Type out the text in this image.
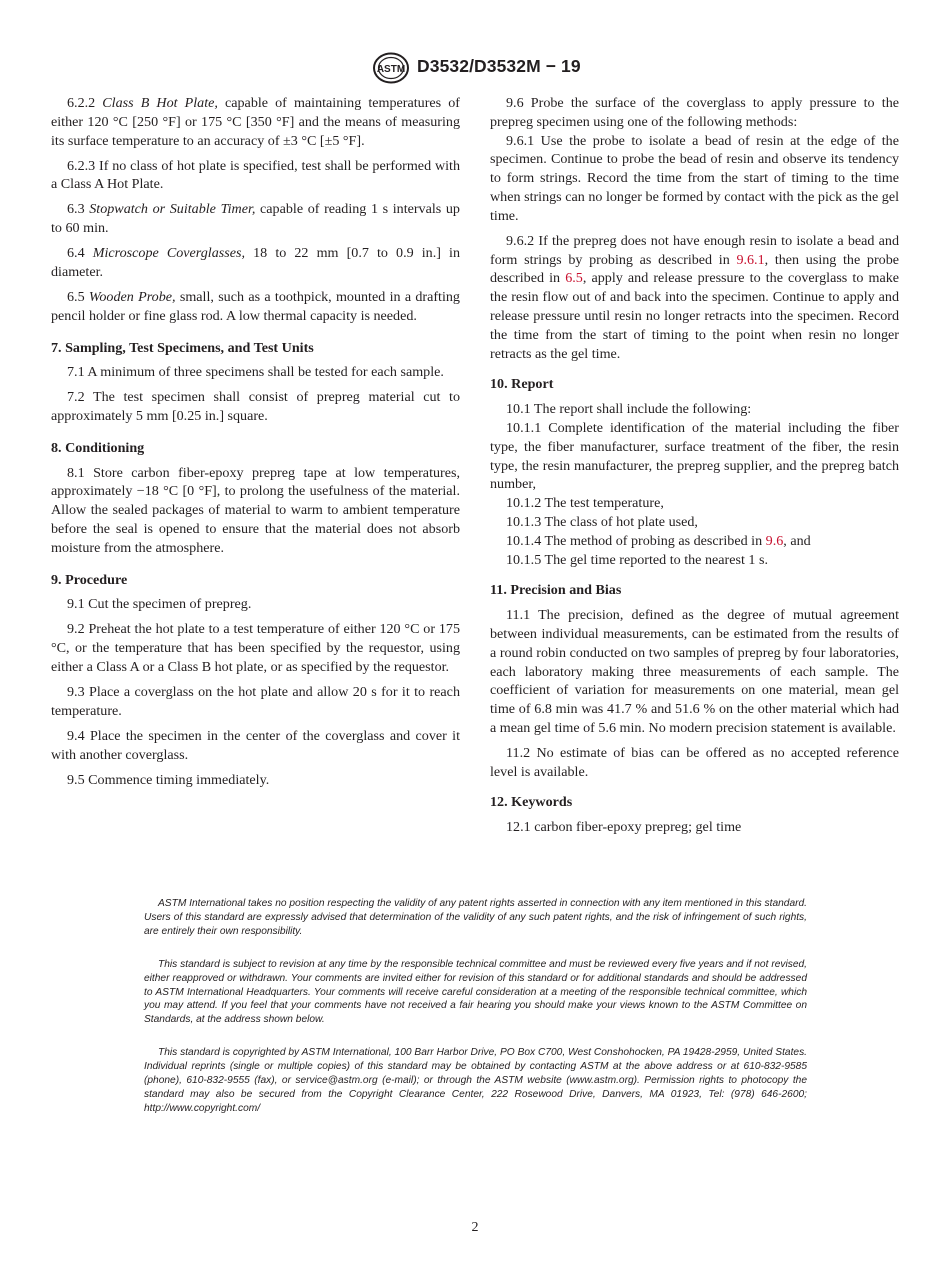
ASTM D3532/D3532M − 19

6.2.2 Class B Hot Plate, capable of maintaining temperatures of either 120 °C [250 °F] or 175 °C [350 °F] and the means of measuring its surface temperature to an accuracy of ±3 °C [±5 °F].

6.2.3 If no class of hot plate is specified, test shall be performed with a Class A Hot Plate.

6.3 Stopwatch or Suitable Timer, capable of reading 1 s intervals up to 60 min.

6.4 Microscope Coverglasses, 18 to 22 mm [0.7 to 0.9 in.] in diameter.

6.5 Wooden Probe, small, such as a toothpick, mounted in a drafting pencil holder or fine glass rod. A low thermal capacity is needed.

7. Sampling, Test Specimens, and Test Units

7.1 A minimum of three specimens shall be tested for each sample.

7.2 The test specimen shall consist of prepreg material cut to approximately 5 mm [0.25 in.] square.

8. Conditioning

8.1 Store carbon fiber-epoxy prepreg tape at low temperatures, approximately −18 °C [0 °F], to prolong the usefulness of the material. Allow the sealed packages of material to warm to ambient temperature before the seal is opened to ensure that the material does not absorb moisture from the atmosphere.

9. Procedure

9.1 Cut the specimen of prepreg.

9.2 Preheat the hot plate to a test temperature of either 120 °C or 175 °C, or the temperature that has been specified by the requestor, using either a Class A or a Class B hot plate, or as specified by the requestor.

9.3 Place a coverglass on the hot plate and allow 20 s for it to reach temperature.

9.4 Place the specimen in the center of the coverglass and cover it with another coverglass.

9.5 Commence timing immediately.

9.6 Probe the surface of the coverglass to apply pressure to the prepreg specimen using one of the following methods:

9.6.1 Use the probe to isolate a bead of resin at the edge of the specimen. Continue to probe the bead of resin and observe its tendency to form strings. Record the time from the start of timing to the time when strings can no longer be formed by contact with the pick as the gel time.

9.6.2 If the prepreg does not have enough resin to isolate a bead and form strings by probing as described in 9.6.1, then using the probe described in 6.5, apply and release pressure to the coverglass to make the resin flow out of and back into the specimen. Continue to apply and release pressure until resin no longer retracts into the specimen. Record the time from the start of timing to the point when resin no longer retracts as the gel time.

10. Report

10.1 The report shall include the following:

10.1.1 Complete identification of the material including the fiber type, the fiber manufacturer, surface treatment of the fiber, the resin type, the resin manufacturer, the prepreg supplier, and the prepreg batch number,

10.1.2 The test temperature,

10.1.3 The class of hot plate used,

10.1.4 The method of probing as described in 9.6, and

10.1.5 The gel time reported to the nearest 1 s.

11. Precision and Bias

11.1 The precision, defined as the degree of mutual agreement between individual measurements, can be estimated from the results of a round robin conducted on two samples of prepreg by four laboratories, each laboratory making three measurements of each sample. The coefficient of variation for measurements on one material, mean gel time of 6.8 min was 41.7 % and 51.6 % on the other material which had a mean gel time of 5.6 min. No modern precision statement is available.

11.2 No estimate of bias can be offered as no accepted reference level is available.

12. Keywords

12.1 carbon fiber-epoxy prepreg; gel time

ASTM International takes no position respecting the validity of any patent rights asserted in connection with any item mentioned in this standard. Users of this standard are expressly advised that determination of the validity of any such patent rights, and the risk of infringement of such rights, are entirely their own responsibility.

This standard is subject to revision at any time by the responsible technical committee and must be reviewed every five years and if not revised, either reapproved or withdrawn. Your comments are invited either for revision of this standard or for additional standards and should be addressed to ASTM International Headquarters. Your comments will receive careful consideration at a meeting of the responsible technical committee, which you may attend. If you feel that your comments have not received a fair hearing you should make your views known to the ASTM Committee on Standards, at the address shown below.

This standard is copyrighted by ASTM International, 100 Barr Harbor Drive, PO Box C700, West Conshohocken, PA 19428-2959, United States. Individual reprints (single or multiple copies) of this standard may be obtained by contacting ASTM at the above address or at 610-832-9585 (phone), 610-832-9555 (fax), or service@astm.org (e-mail); or through the ASTM website (www.astm.org). Permission rights to photocopy the standard may also be secured from the Copyright Clearance Center, 222 Rosewood Drive, Danvers, MA 01923, Tel: (978) 646-2600; http://www.copyright.com/

2
